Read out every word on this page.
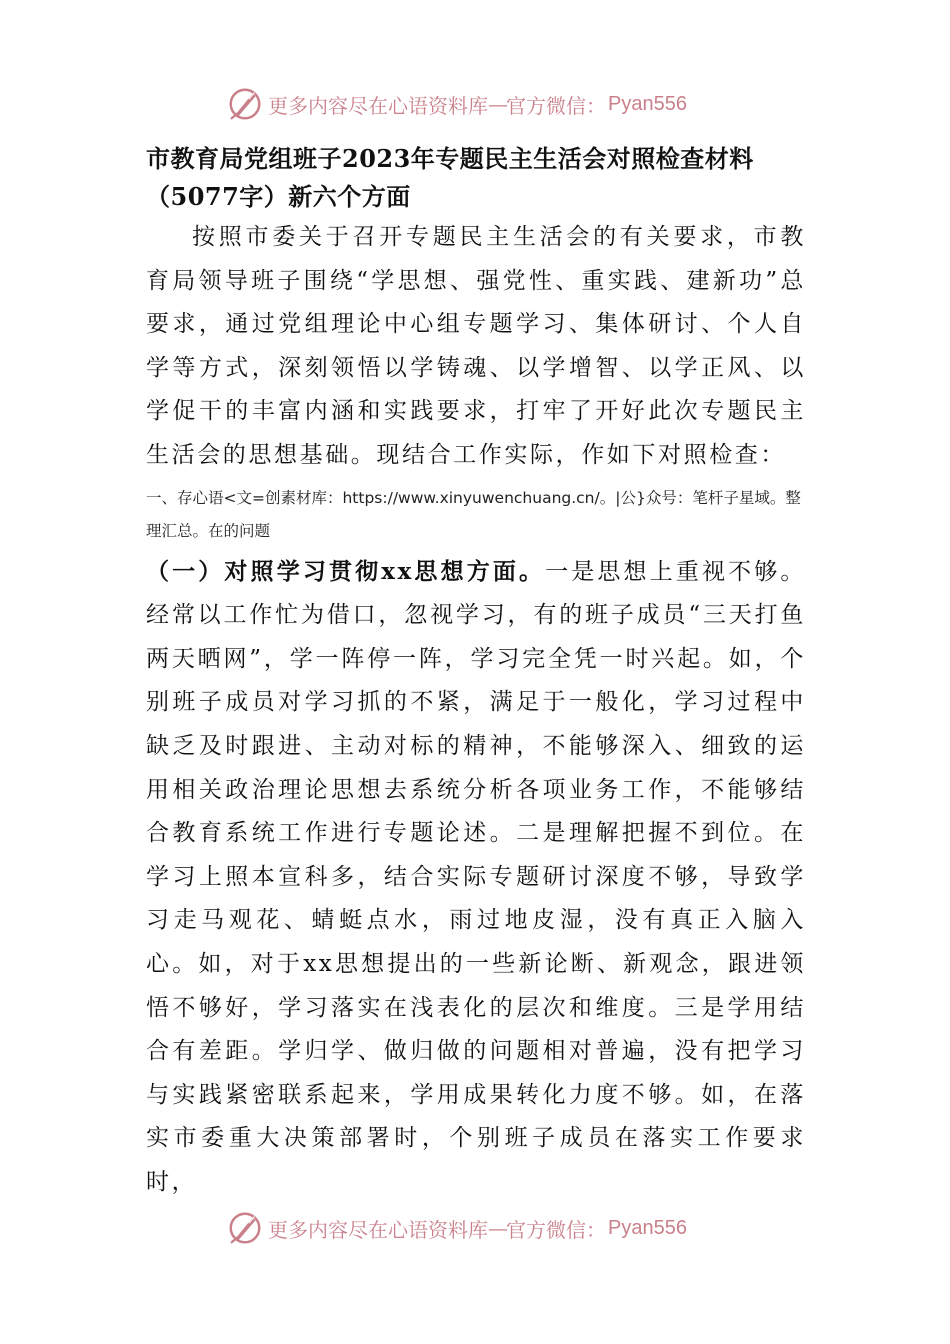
更多内容尽在心语资料库 — 官方微信： Pyan556

市教育局党组班子2023年专题民主生活会对照检查材料

（5077字）新六个方面

按照市委关于召开专题民主生活会的有关要求，市教育局领导班子围绕“学思想、强党性、重实践、建新功”总要求，通过党组理论中心组专题学习、集体研讨、个人自学等方式，深刻领悟以学铸魂、以学增智、以学正风、以学促干的丰富内涵和实践要求，打牢了开好此次专题民主生活会的思想基础。现结合工作实际，作如下对照检查：

一、存心语<文=创素材库：https://www.xinyuwenchuang.cn/。|公}众号：笔杆子星域。整理汇总。在的问题

（一）对照学习贯彻xx思想方面。一是思想上重视不够。经常以工作忙为借口，忽视学习，有的班子成员“三天打鱼两天晒网”，学一阵停一阵，学习完全凭一时兴起。如，个别班子成员对学习抓的不紧，满足于一般化，学习过程中缺乏及时跟进、主动对标的精神，不能够深入、细致的运用相关政治理论思想去系统分析各项业务工作，不能够结合教育系统工作进行专题论述。二是理解把握不到位。在学习上照本宣科多，结合实际专题研讨深度不够，导致学习走马观花、蜻蜓点水，雨过地皮湿，没有真正入脑入心。如，对于xx思想提出的一些新论断、新观念，跟进领悟不够好，学习落实在浅表化的层次和维度。三是学用结合有差距。学归学、做归做的问题相对普遍，没有把学习与实践紧密联系起来，学用成果转化力度不够。如，在落实市委重大决策部署时，个别班子成员在落实工作要求时，

更多内容尽在心语资料库 — 官方微信： Pyan556
